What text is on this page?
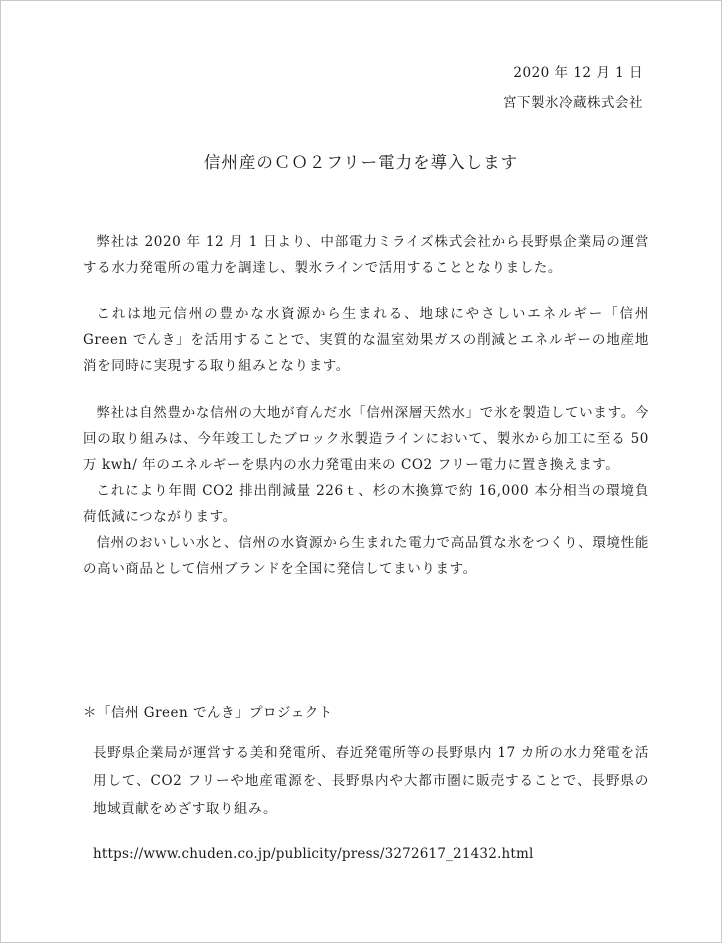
2020 年 12 月 1 日
宮下製氷冷蔵株式会社
信州産のＣＯ２フリー電力を導入します

弊社は 2020 年 12 月 1 日より、中部電力ミライズ株式会社から長野県企業局の運営する水力発電所の電力を調達し、製氷ラインで活用することとなりました。

これは地元信州の豊かな水資源から生まれる、地球にやさしいエネルギー「信州 Green でんき」を活用することで、実質的な温室効果ガスの削減とエネルギーの地産地消を同時に実現する取り組みとなります。

弊社は自然豊かな信州の大地が育んだ水「信州深層天然水」で氷を製造しています。今回の取り組みは、今年竣工したブロック氷製造ラインにおいて、製氷から加工に至る 50 万 kwh/ 年のエネルギーを県内の水力発電由来の CO2 フリー電力に置き換えます。

これにより年間 CO2 排出削減量 226ｔ、杉の木換算で約 16,000 本分相当の環境負荷低減につながります。

信州のおいしい水と、信州の水資源から生まれた電力で高品質な氷をつくり、環境性能の高い商品として信州ブランドを全国に発信してまいります。

＊「信州 Green でんき」プロジェクト
長野県企業局が運営する美和発電所、春近発電所等の長野県内 17 カ所の水力発電を活用して、CO2 フリーや地産電源を、長野県内や大都市圏に販売することで、長野県の地域貢献をめざす取り組み。
https://www.chuden.co.jp/publicity/press/3272617_21432.html
